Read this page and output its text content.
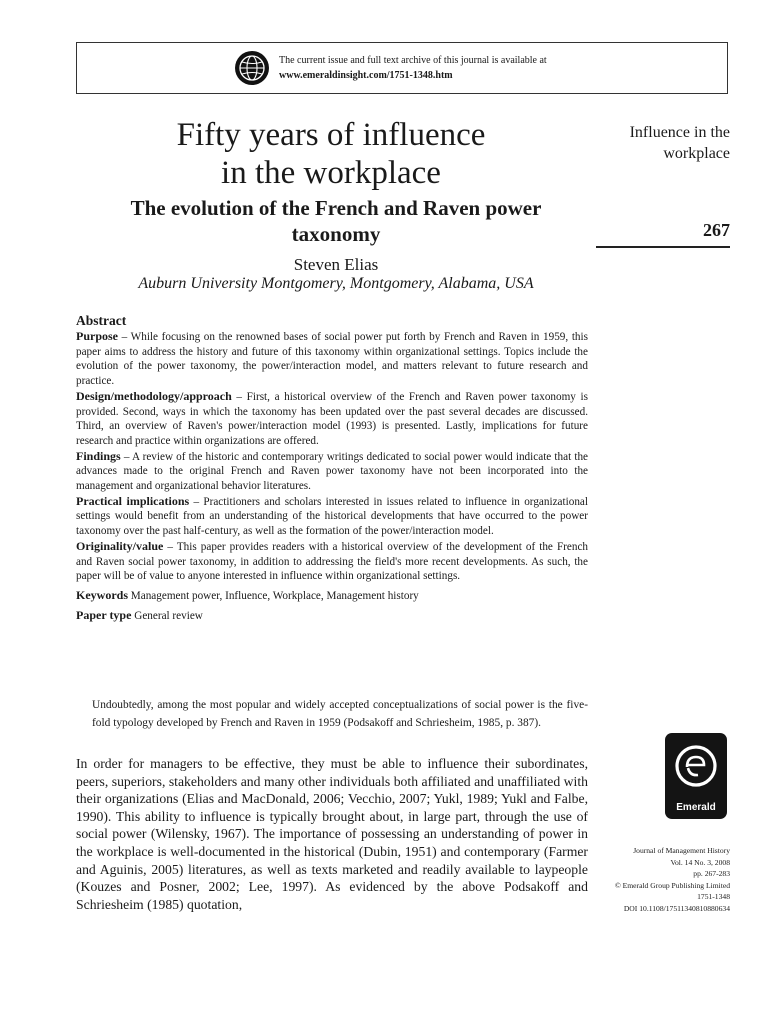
The current issue and full text archive of this journal is available at
www.emeraldinsight.com/1751-1348.htm
Fifty years of influence
in the workplace
The evolution of the French and Raven power
taxonomy
Steven Elias
Auburn University Montgomery, Montgomery, Alabama, USA
Influence in the
workplace
267
Abstract

Purpose – While focusing on the renowned bases of social power put forth by French and Raven in 1959, this paper aims to address the history and future of this taxonomy within organizational settings. Topics include the evolution of the power taxonomy, the power/interaction model, and matters relevant to future research and practice.

Design/methodology/approach – First, a historical overview of the French and Raven power taxonomy is provided. Second, ways in which the taxonomy has been updated over the past several decades are discussed. Third, an overview of Raven's power/interaction model (1993) is presented. Lastly, implications for future research and practice within organizations are offered.

Findings – A review of the historic and contemporary writings dedicated to social power would indicate that the advances made to the original French and Raven power taxonomy have not been incorporated into the management and organizational behavior literatures.

Practical implications – Practitioners and scholars interested in issues related to influence in organizational settings would benefit from an understanding of the historical developments that have occurred to the power taxonomy over the past half-century, as well as the formation of the power/interaction model.

Originality/value – This paper provides readers with a historical overview of the development of the French and Raven social power taxonomy, in addition to addressing the field's more recent developments. As such, the paper will be of value to anyone interested in influence within organizational settings.

Keywords Management power, Influence, Workplace, Management history

Paper type General review

Undoubtedly, among the most popular and widely accepted conceptualizations of social power is the five-fold typology developed by French and Raven in 1959 (Podsakoff and Schriesheim, 1985, p. 387).

In order for managers to be effective, they must be able to influence their subordinates, peers, superiors, stakeholders and many other individuals both affiliated and unaffiliated with their organizations (Elias and MacDonald, 2006; Vecchio, 2007; Yukl, 1989; Yukl and Falbe, 1990). This ability to influence is typically brought about, in large part, through the use of social power (Wilensky, 1967). The importance of possessing an understanding of power in the workplace is well-documented in the historical (Dubin, 1951) and contemporary (Farmer and Aguinis, 2005) literatures, as well as texts marketed and readily available to laypeople (Kouzes and Posner, 2002; Lee, 1997). As evidenced by the above Podsakoff and Schriesheim (1985) quotation,

Emerald
Journal of Management History
Vol. 14 No. 3, 2008
pp. 267-283
© Emerald Group Publishing Limited
1751-1348
DOI 10.1108/17511340810880634
